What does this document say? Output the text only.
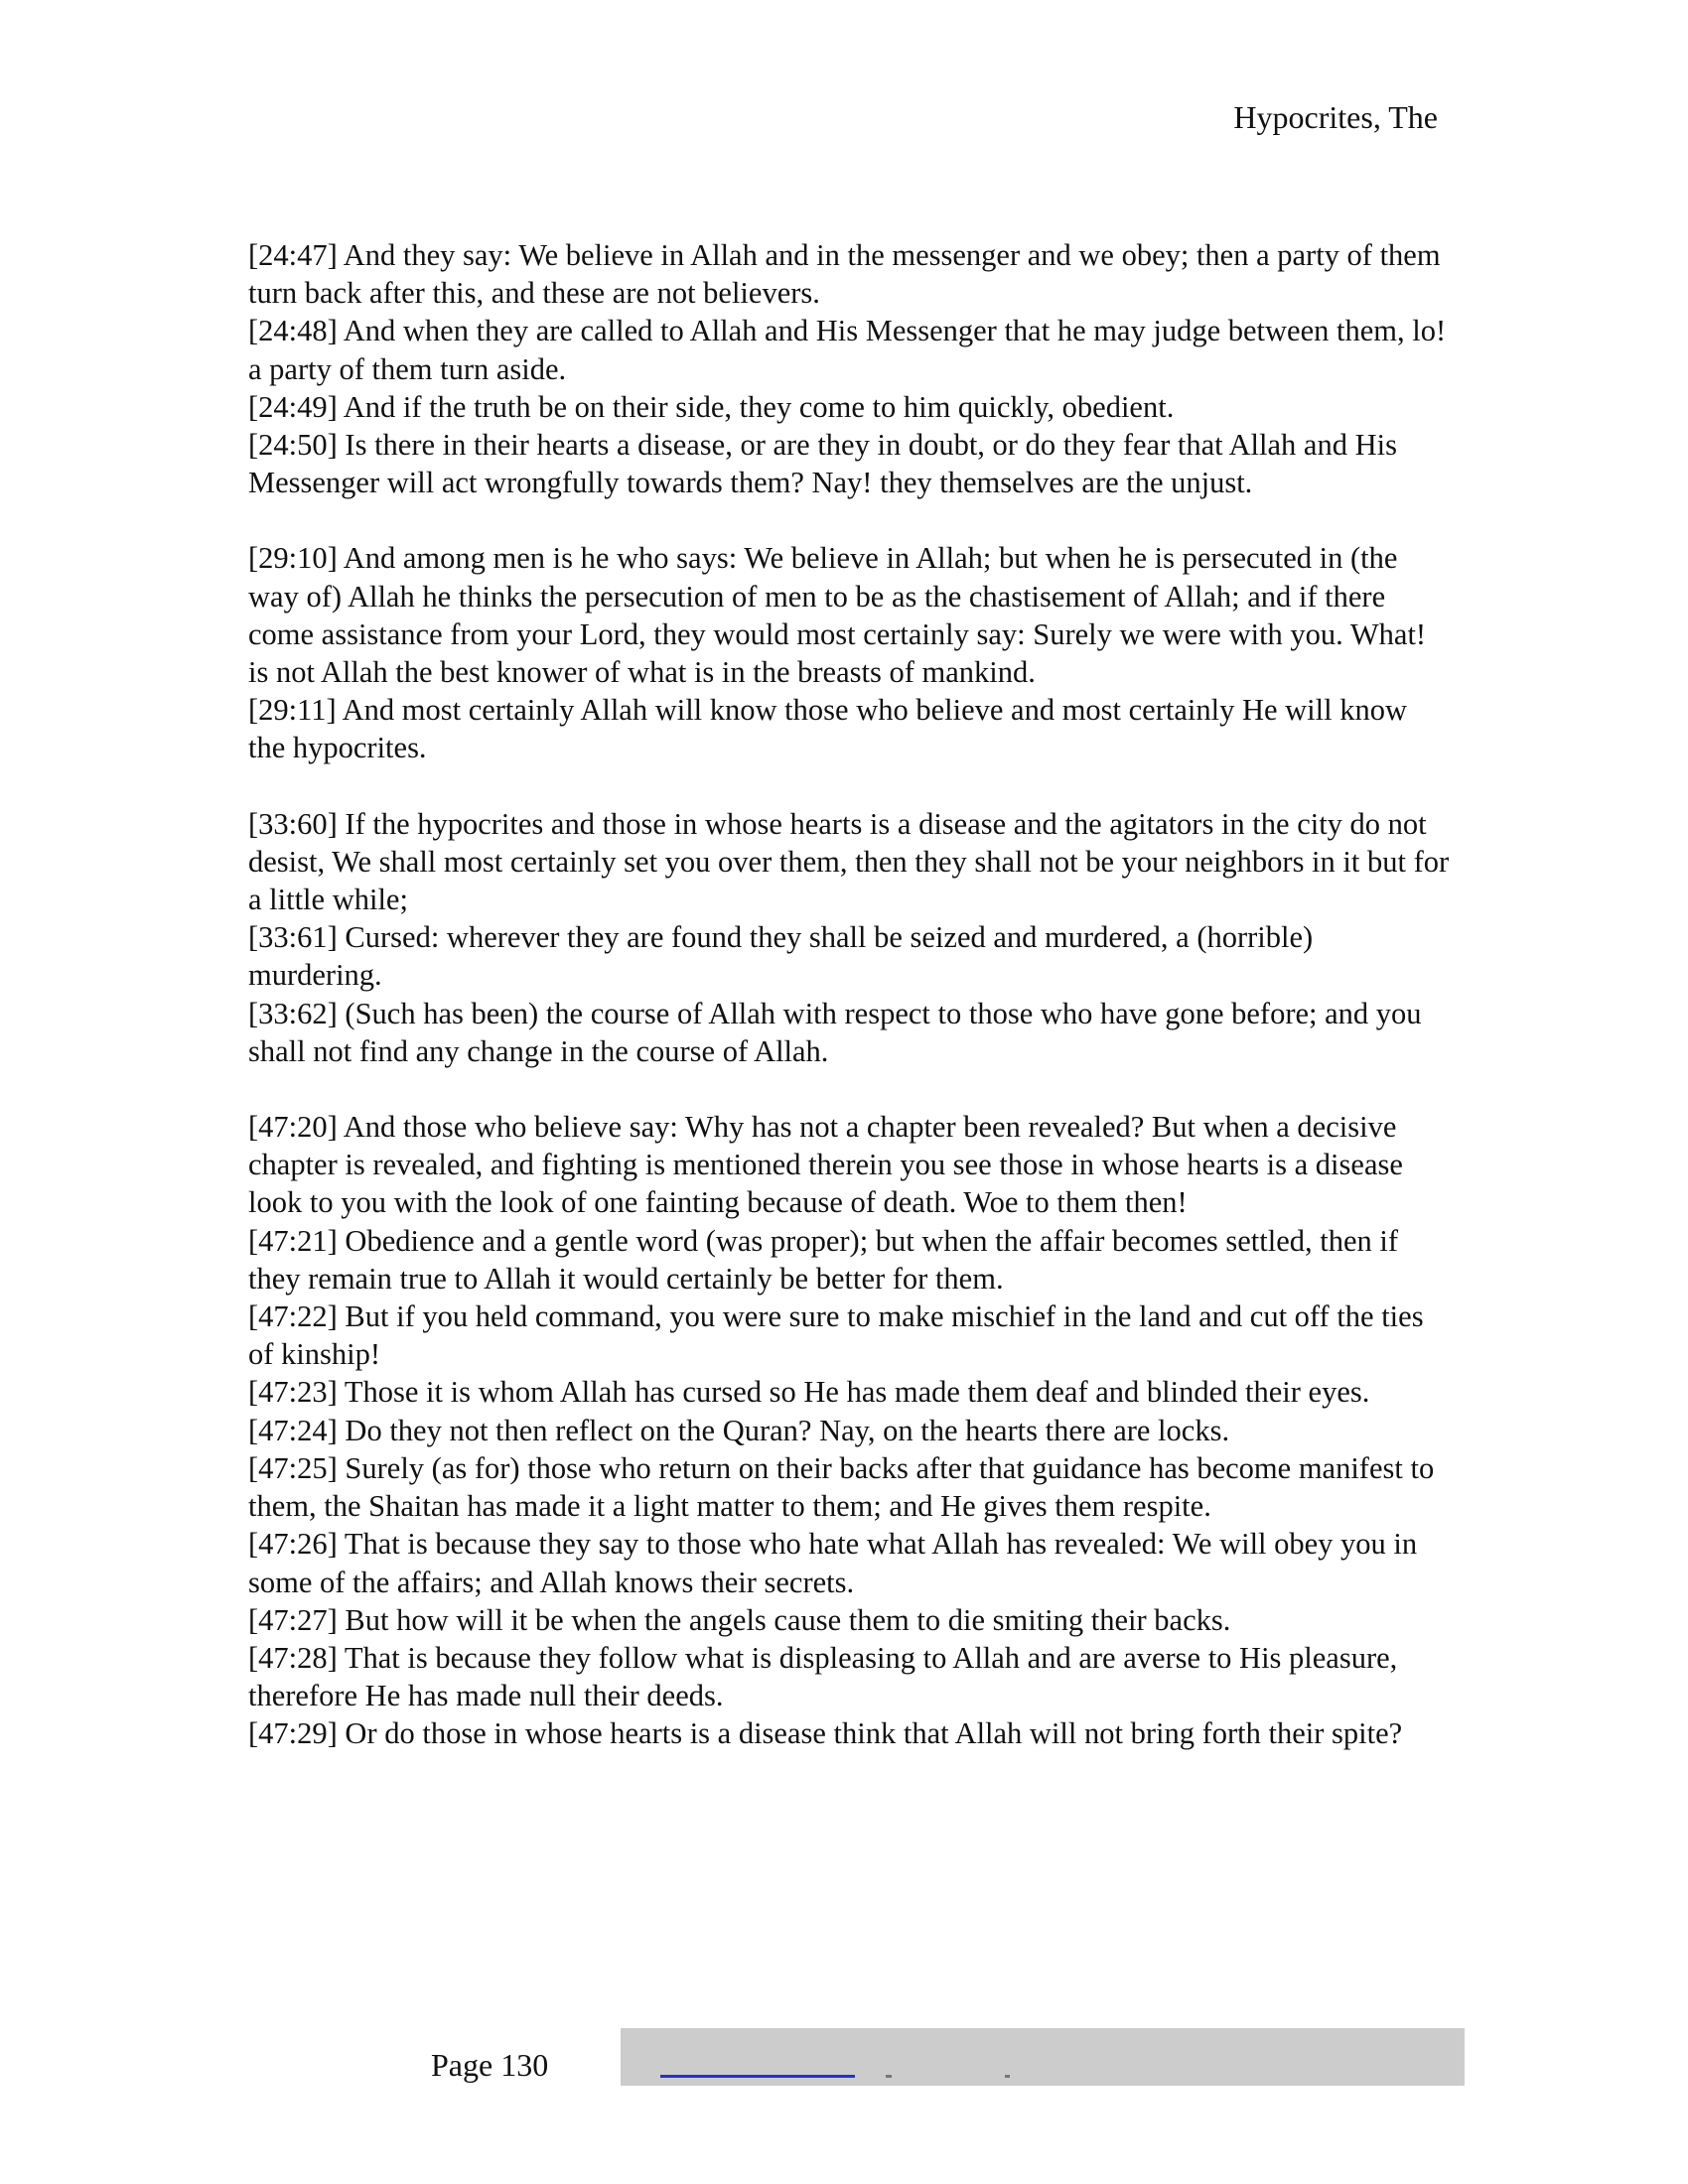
Hypocrites, The

[24:47] And they say: We believe in Allah and in the messenger and we obey; then a party of them turn back after this, and these are not believers.

[24:48] And when they are called to Allah and His Messenger that he may judge between them, lo! a party of them turn aside.

[24:49] And if the truth be on their side, they come to him quickly, obedient.

[24:50] Is there in their hearts a disease, or are they in doubt, or do they fear that Allah and His Messenger will act wrongfully towards them? Nay! they themselves are the unjust.

[29:10] And among men is he who says: We believe in Allah; but when he is persecuted in (the way of) Allah he thinks the persecution of men to be as the chastisement of Allah; and if there come assistance from your Lord, they would most certainly say: Surely we were with you. What! is not Allah the best knower of what is in the breasts of mankind.

[29:11] And most certainly Allah will know those who believe and most certainly He will know the hypocrites.

[33:60] If the hypocrites and those in whose hearts is a disease and the agitators in the city do not desist, We shall most certainly set you over them, then they shall not be your neighbors in it but for a little while;

[33:61] Cursed: wherever they are found they shall be seized and murdered, a (horrible) murdering.

[33:62] (Such has been) the course of Allah with respect to those who have gone before; and you shall not find any change in the course of Allah.

[47:20] And those who believe say: Why has not a chapter been revealed? But when a decisive chapter is revealed, and fighting is mentioned therein you see those in whose hearts is a disease look to you with the look of one fainting because of death. Woe to them then!

[47:21] Obedience and a gentle word (was proper); but when the affair becomes settled, then if they remain true to Allah it would certainly be better for them.

[47:22] But if you held command, you were sure to make mischief in the land and cut off the ties of kinship!

[47:23] Those it is whom Allah has cursed so He has made them deaf and blinded their eyes.

[47:24] Do they not then reflect on the Quran? Nay, on the hearts there are locks.

[47:25] Surely (as for) those who return on their backs after that guidance has become manifest to them, the Shaitan has made it a light matter to them; and He gives them respite.

[47:26] That is because they say to those who hate what Allah has revealed: We will obey you in some of the affairs; and Allah knows their secrets.

[47:27] But how will it be when the angels cause them to die smiting their backs.

[47:28] That is because they follow what is displeasing to Allah and are averse to His pleasure, therefore He has made null their deeds.

[47:29] Or do those in whose hearts is a disease think that Allah will not bring forth their spite?

Page 130
